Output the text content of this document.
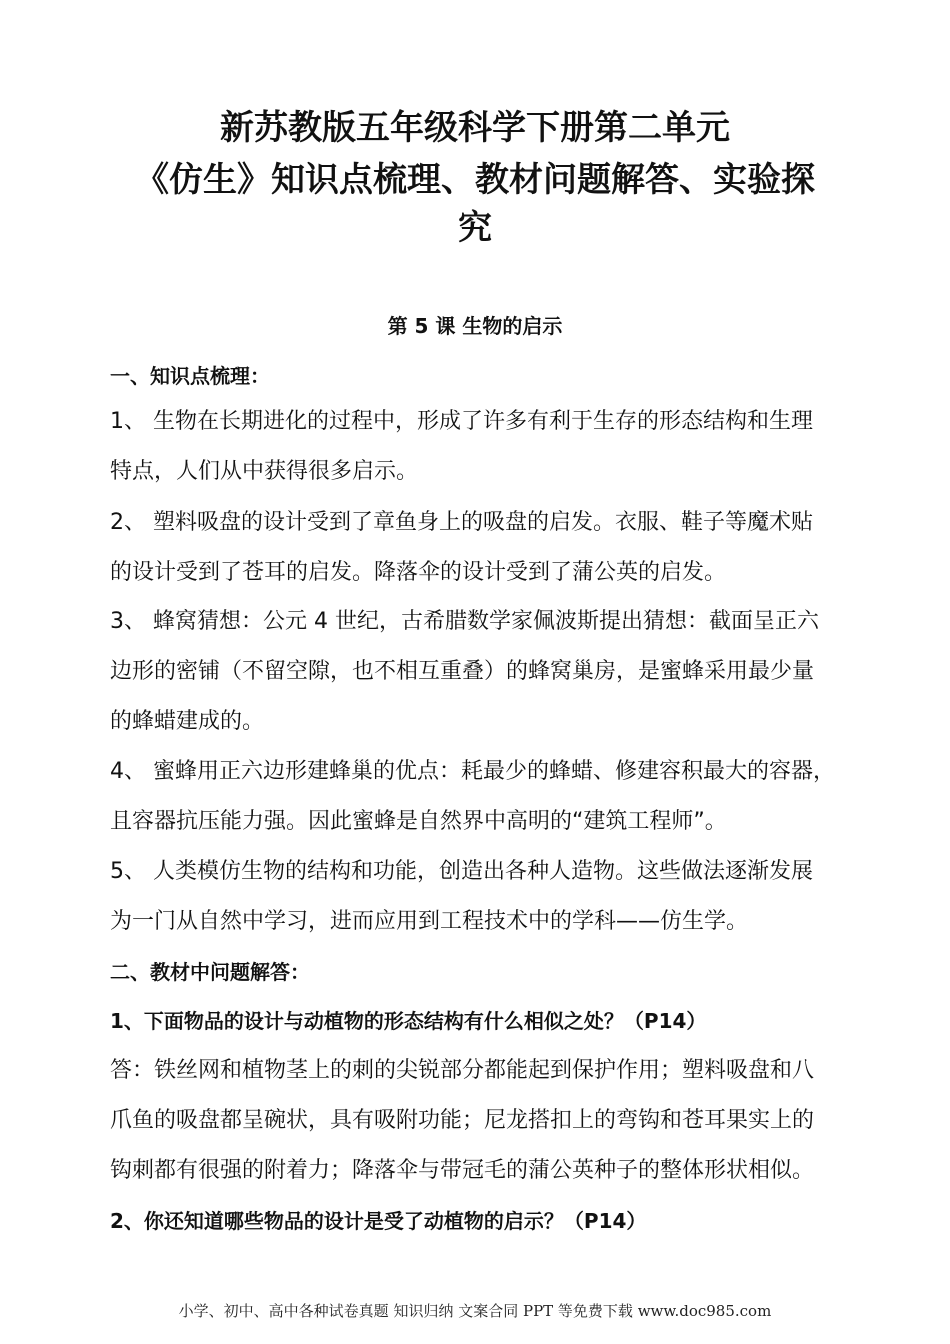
新苏教版五年级科学下册第二单元
《仿生》知识点梳理、教材问题解答、实验探
究
第 5 课 生物的启示
一、知识点梳理：
1、 生物在长期进化的过程中，形成了许多有利于生存的形态结构和生理
特点，人们从中获得很多启示。
2、 塑料吸盘的设计受到了章鱼身上的吸盘的启发。衣服、鞋子等魔术贴
的设计受到了苍耳的启发。降落伞的设计受到了蒲公英的启发。
3、 蜂窝猜想：公元 4 世纪，古希腊数学家佩波斯提出猜想：截面呈正六
边形的密铺（不留空隙，也不相互重叠）的蜂窝巢房，是蜜蜂采用最少量
的蜂蜡建成的。
4、 蜜蜂用正六边形建蜂巢的优点：耗最少的蜂蜡、修建容积最大的容器，
且容器抗压能力强。因此蜜蜂是自然界中高明的“建筑工程师”。
5、 人类模仿生物的结构和功能，创造出各种人造物。这些做法逐渐发展
为一门从自然中学习，进而应用到工程技术中的学科——仿生学。
二、教材中问题解答：
1、下面物品的设计与动植物的形态结构有什么相似之处？（P14）
答：铁丝网和植物茎上的刺的尖锐部分都能起到保护作用；塑料吸盘和八
爪鱼的吸盘都呈碗状，具有吸附功能；尼龙搭扣上的弯钩和苍耳果实上的
钩刺都有很强的附着力；降落伞与带冠毛的蒲公英种子的整体形状相似。
2、你还知道哪些物品的设计是受了动植物的启示？（P14）
小学、初中、高中各种试卷真题 知识归纳 文案合同 PPT 等免费下载 www.doc985.com
